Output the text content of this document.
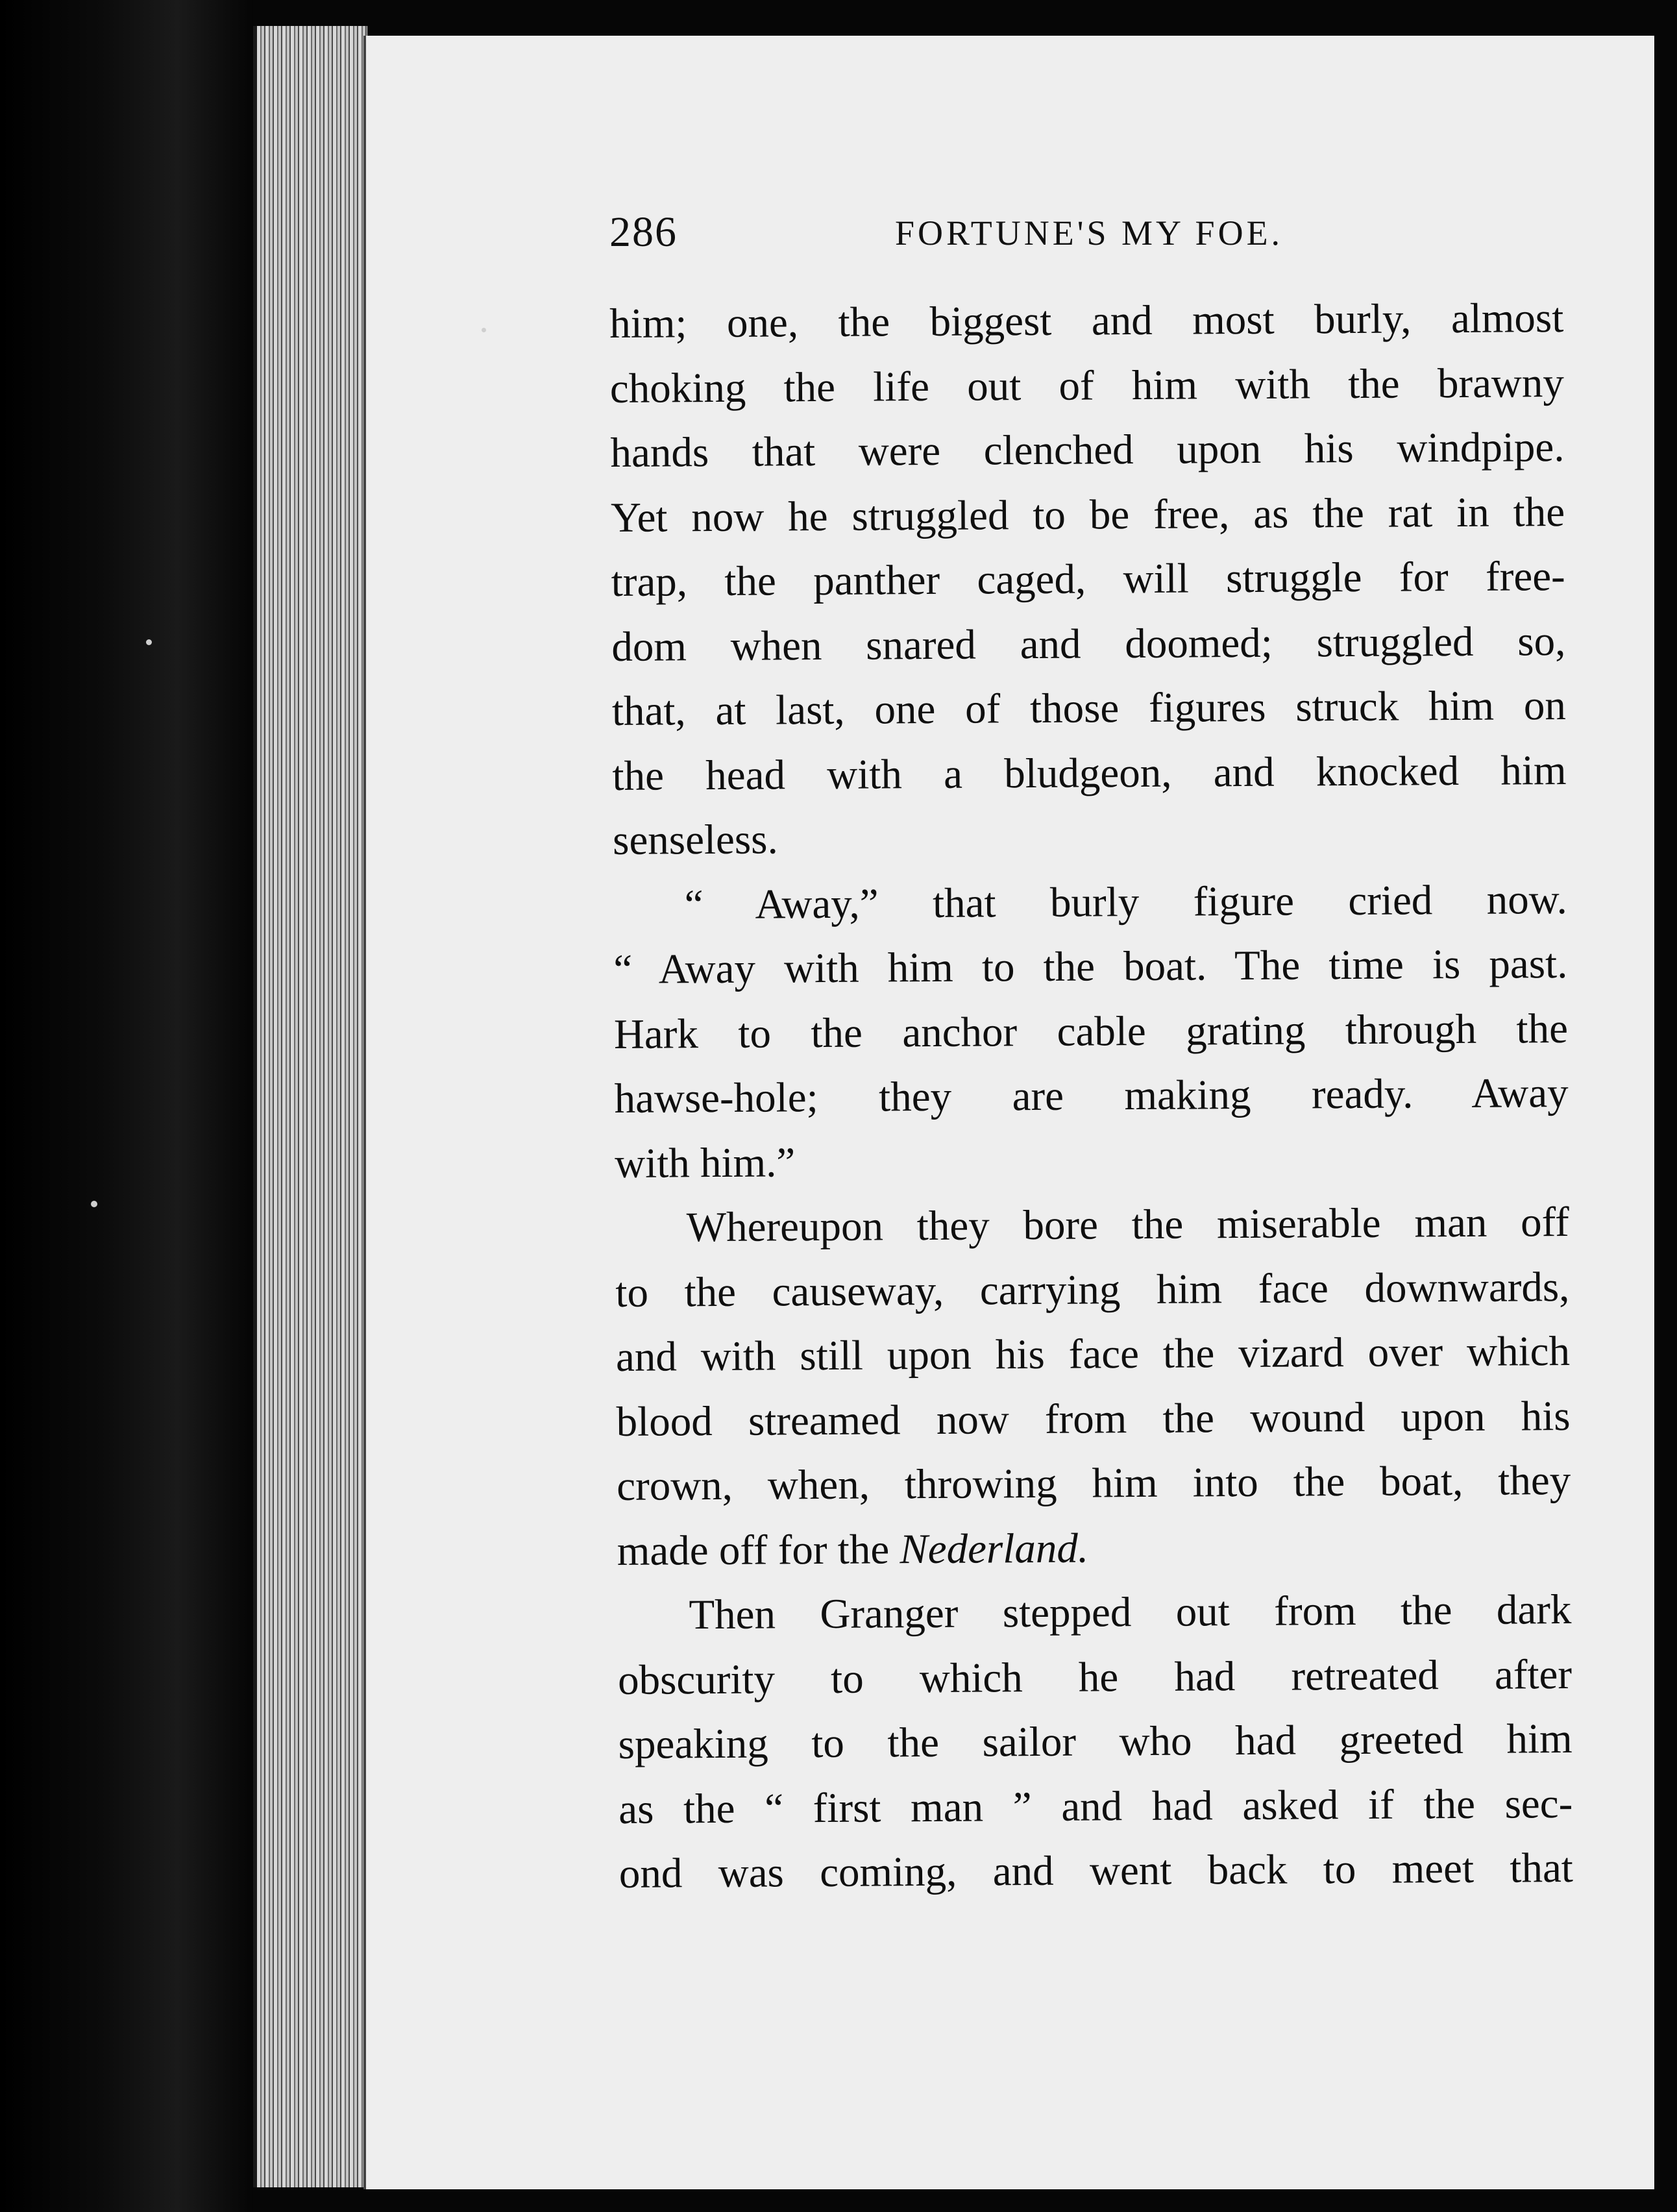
286	FORTUNE'S MY FOE.
him; one, the biggest and most burly, almost
choking the life out of him with the brawny
hands that were clenched upon his windpipe.
Yet now he struggled to be free, as the rat in the
trap, the panther caged, will struggle for free-
dom when snared and doomed; struggled so,
that, at last, one of those figures struck him on
the head with a bludgeon, and knocked him
senseless.
“ Away,” that burly figure cried now.
“ Away with him to the boat. The time is past.
Hark to the anchor cable grating through the
hawse-hole; they are making ready. Away
with him.”
Whereupon they bore the miserable man off
to the causeway, carrying him face downwards,
and with still upon his face the vizard over which
blood streamed now from the wound upon his
crown, when, throwing him into the boat, they
made off for the Nederland.
Then Granger stepped out from the dark
obscurity to which he had retreated after
speaking to the sailor who had greeted him
as the “ first man ” and had asked if the sec-
ond was coming, and went back to meet that
